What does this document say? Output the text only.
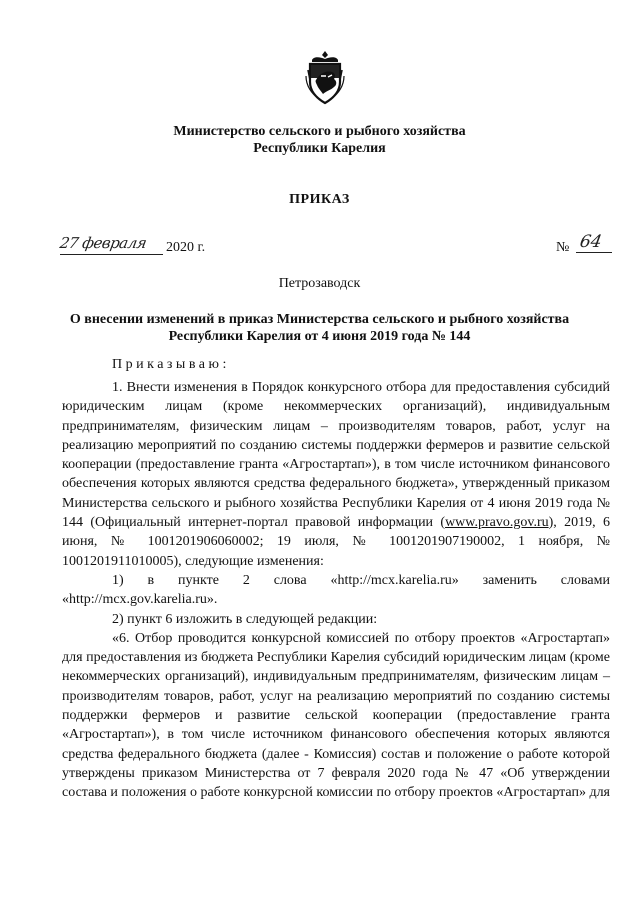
Министерство сельского и рыбного хозяйства
Республики Карелия
ПРИКАЗ
27 февраля 2020 г.	№ 64
Петрозаводск
О внесении изменений в приказ Министерства сельского и рыбного хозяйства
Республики Карелия от 4 июня 2019 года № 144
Приказываю:

1. Внести изменения в Порядок конкурсного отбора для предоставления субсидий юридическим лицам (кроме некоммерческих организаций), индивидуальным предпринимателям, физическим лицам – производителям товаров, работ, услуг на реализацию мероприятий по созданию системы поддержки фермеров и развитие сельской кооперации (предоставление гранта «Агростартап»), в том числе источником финансового обеспечения которых являются средства федерального бюджета», утвержденный приказом Министерства сельского и рыбного хозяйства Республики Карелия от 4 июня 2019 года № 144 (Официальный интернет-портал правовой информации (www.pravo.gov.ru), 2019, 6 июня, № 1001201906060002; 19 июля, № 1001201907190002, 1 ноября, № 1001201911010005), следующие изменения:

1) в пункте 2 слова «http://mcx.karelia.ru» заменить словами «http://mcx.gov.karelia.ru».

2) пункт 6 изложить в следующей редакции:

«6. Отбор проводится конкурсной комиссией по отбору проектов «Агростартап» для предоставления из бюджета Республики Карелия субсидий юридическим лицам (кроме некоммерческих организаций), индивидуальным предпринимателям, физическим лицам – производителям товаров, работ, услуг на реализацию мероприятий по созданию системы поддержки фермеров и развитие сельской кооперации (предоставление гранта «Агростартап»), в том числе источником финансового обеспечения которых являются средства федерального бюджета (далее - Комиссия) состав и положение о работе которой утверждены приказом Министерства от 7 февраля 2020 года № 47 «Об утверждении состава и положения о работе конкурсной комиссии по отбору проектов «Агростартап» для
